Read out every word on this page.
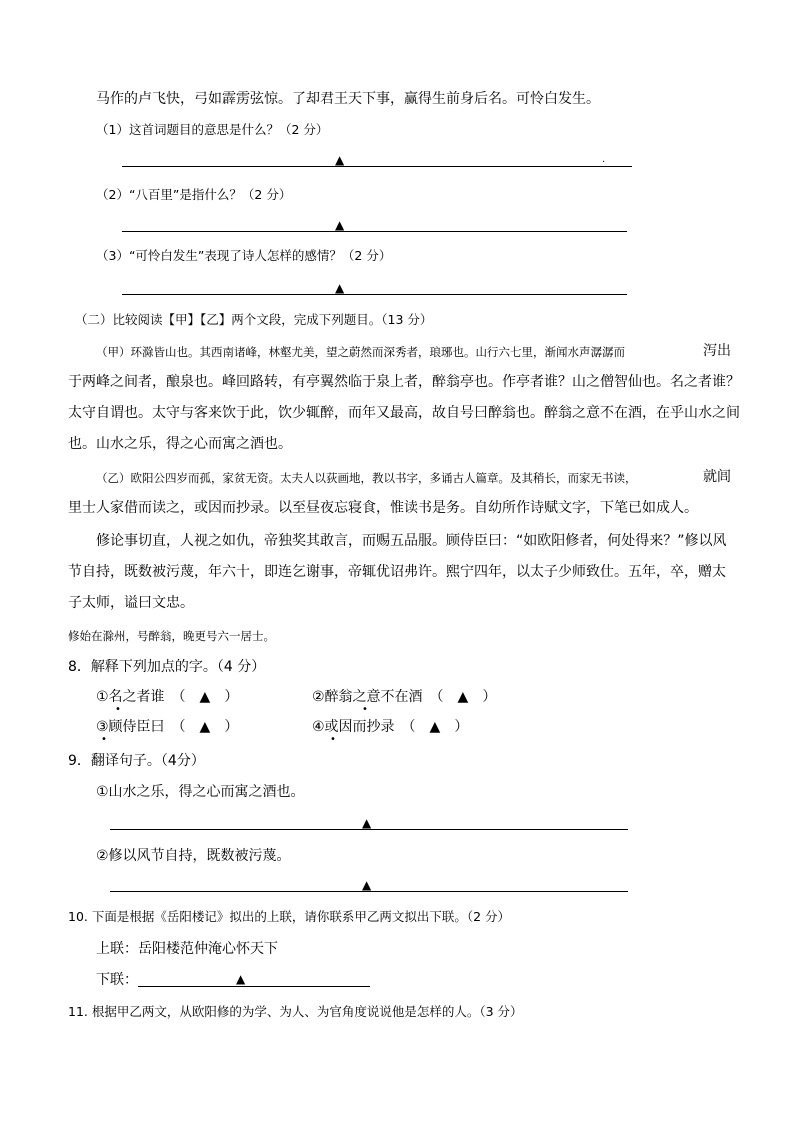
马作的卢飞快，弓如霹雳弦惊。了却君王天下事，赢得生前身后名。可怜白发生。
（1）这首词题目的意思是什么？（2 分）
▲	.
（2）“八百里”是指什么？（2 分）
▲
（3）“可怜白发生”表现了诗人怎样的感情？（2 分）
▲
（二）比较阅读【甲】【乙】两个文段，完成下列题目。（13 分）
（甲）环滁皆山也。其西南诸峰，林壑尤美，望之蔚然而深秀者，琅琊也。山行六七里，渐闻水声潺潺而	泻出
于两峰之间者，酿泉也。峰回路转，有亭翼然临于泉上者，醉翁亭也。作亭者谁？山之僧智仙也。名之者谁？
太守自谓也。太守与客来饮于此，饮少辄醉，而年又最高，故自号曰醉翁也。醉翁之意不在酒，在乎山水之间
也。山水之乐，得之心而寓之酒也。
（乙）欧阳公四岁而孤，家贫无资。太夫人以荻画地，教以书字，多诵古人篇章。及其稍长，而家无书读，	就闾
里士人家借而读之，或因而抄录。以至昼夜忘寝食，惟读书是务。自幼所作诗赋文字，下笔已如成人。
修论事切直，人视之如仇，帝独奖其敢言，而赐五品服。顾侍臣曰：“如欧阳修者，何处得来？”修以风
节自持，既数被污蔑，年六十，即连乞谢事，帝辄优诏弗许。熙宁四年，以太子少师致仕。五年，卒，赠太
子太师，谥曰文忠。
修始在滁州，号醉翁，晚更号六一居士。
8．解释下列加点的字。（4 分）
①名之者谁　（　▲　）
•
②醉翁之意不在酒　（　▲　）
•
③顾侍臣曰　（　▲　）
•
④或因而抄录　（　▲　）
•
9．翻译句子。（4分）
①山水之乐，得之心而寓之酒也。
▲
②修以风节自持，既数被污蔑。
▲
10. 下面是根据《岳阳楼记》拟出的上联，请你联系甲乙两文拟出下联。（2 分）
上联：岳阳楼范仲淹心怀天下
下联：	▲
11. 根据甲乙两文，从欧阳修的为学、为人、为官角度说说他是怎样的人。（3 分）
